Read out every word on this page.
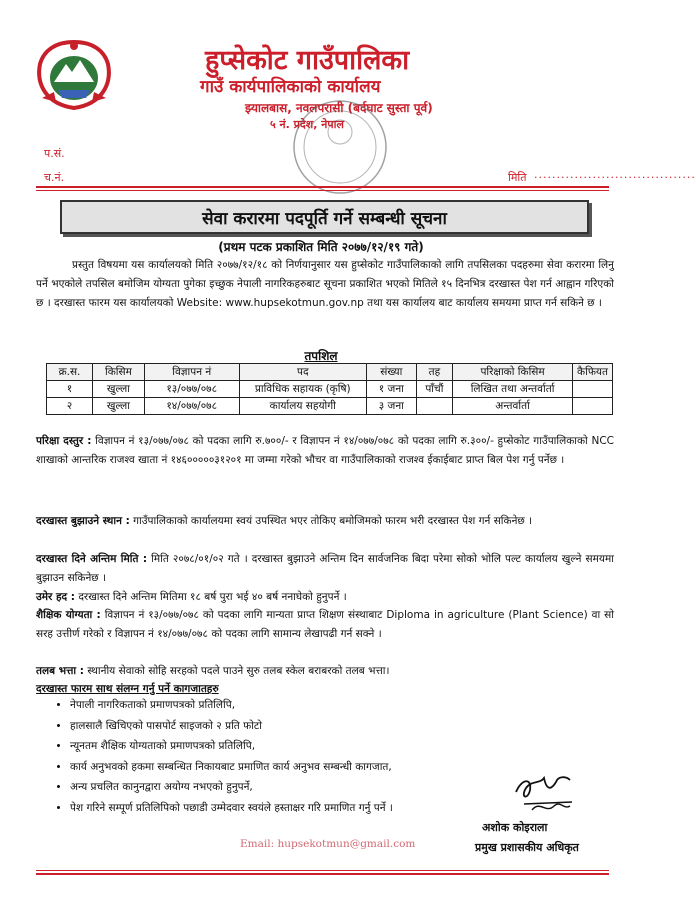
हुप्सेकोट गाउँपालिका
गाउँ कार्यपालिकाको कार्यालय
झ्यालबास, नवलपरासी (बर्दघाट सुस्ता पूर्व)
५ नं. प्रदेश, नेपाल
प.सं.
च.नं.	मिति ....................................
सेवा करारमा पदपूर्ति गर्ने सम्बन्धी सूचना
(प्रथम पटक प्रकाशित मिति २०७७/१२/१९ गते)
प्रस्तुत विषयमा यस कार्यालयको मिति २०७७/१२/१८ को निर्णयानुसार यस हुप्सेकोट गाउँपालिकाको लागि तपसिलका पदहरुमा सेवा करारमा लिनु पर्ने भएकोले तपसिल बमोजिम योग्यता पुगेका इच्छुक नेपाली नागरिकहरुबाट सूचना प्रकाशित भएको मितिले १५ दिनभित्र दरखास्त पेश गर्न आह्वान गरिएको छ । दरखास्त फारम यस कार्यालयको Website: www.hupsekotmun.gov.np तथा यस कार्यालय बाट कार्यालय समयमा प्राप्त गर्न सकिने छ ।
तपशिल
क्र.स.	किसिम	विज्ञापन नं	पद	संख्या	तह	परिक्षाको किसिम	कैफियत
१	खुल्ला	१३/०७७/०७८	प्राविधिक सहायक (कृषि)	१ जना	पाँचौं	लिखित तथा अन्तर्वार्ता	
२	खुल्ला	१४/०७७/०७८	कार्यालय सहयोगी	३ जना		अन्तर्वार्ता	
परिक्षा दस्तुर : विज्ञापन नं १३/०७७/०७८ को पदका लागि रु.७००/- र विज्ञापन नं १४/०७७/०७८ को पदका लागि रु.३००/- हुप्सेकोट गाउँपालिकाको NCC शाखाको आन्तरिक राजश्व खाता नं १४६०००००३१२०१ मा जम्मा गरेको भौचर वा गाउँपालिकाको राजश्व ईकाईबाट प्राप्त बिल पेश गर्नु पर्नेछ ।
दरखास्त बुझाउने स्थान : गाउँपालिकाको कार्यालयमा स्वयं उपस्थित भएर तोकिए बमोजिमको फारम भरी दरखास्त पेश गर्न सकिनेछ ।
दरखास्त दिने अन्तिम मिति : मिति २०७८/०१/०२ गते । दरखास्त बुझाउने अन्तिम दिन सार्वजनिक बिदा परेमा सोको भोलि पल्ट कार्यालय खुल्ने समयमा बुझाउन सकिनेछ ।
उमेर हद : दरखास्त दिने अन्तिम मितिमा १८ बर्ष पुरा भई ४० बर्ष ननाघेको हुनुपर्ने ।
शैक्षिक योग्यता : विज्ञापन नं १३/०७७/०७८ को पदका लागि मान्यता प्राप्त शिक्षण संस्थाबाट Diploma in agriculture (Plant Science) वा सो सरह उत्तीर्ण गरेको र विज्ञापन नं १४/०७७/०७८ को पदका लागि सामान्य लेखापढी गर्न सक्ने ।
तलब भत्ता : स्थानीय सेवाको सोहि सरहको पदले पाउने सुरु तलब स्केल बराबरको तलब भत्ता।
दरखास्त फारम साथ संलग्न गर्नु पर्ने कागजातहरु
• नेपाली नागरिकताको प्रमाणपत्रको प्रतिलिपि,
• हालसालै खिचिएको पासपोर्ट साइजको २ प्रति फोटो
• न्यूनतम शैक्षिक योग्यताको प्रमाणपत्रको प्रतिलिपि,
• कार्य अनुभवको हकमा सम्बन्धित निकायबाट प्रमाणित कार्य अनुभव सम्बन्धी कागजात,
• अन्य प्रचलित कानुनद्वारा अयोग्य नभएको हुनुपर्ने,
• पेश गरिने सम्पूर्ण प्रतिलिपिको पछाडी उम्मेदवार स्वयंले हस्ताक्षर गरि प्रमाणित गर्नु पर्ने ।
अशोक कोइराला
प्रमुख प्रशासकीय अधिकृत
Email: hupsekotmun@gmail.com
